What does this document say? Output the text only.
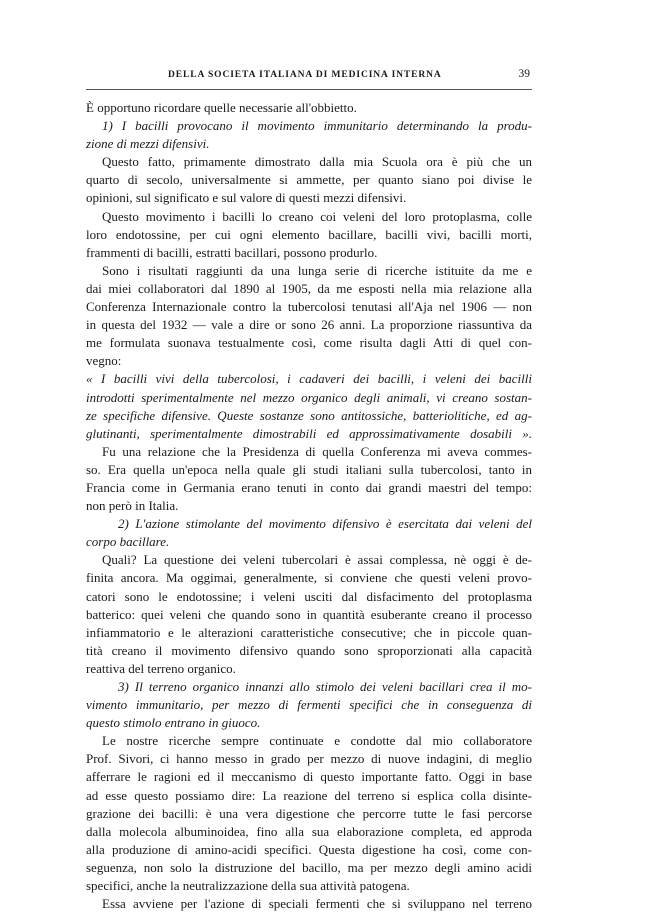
DELLA SOCIETA ITALIANA DI MEDICINA INTERNA	39
È opportuno ricordare quelle necessarie all'obbietto.
1) I bacilli provocano il movimento immunitario determinando la produ-
zione di mezzi difensivi.
Questo fatto, primamente dimostrato dalla mia Scuola ora è più che un
quarto di secolo, universalmente si ammette, per quanto siano poi divise le
opinioni, sul significato e sul valore di questi mezzi difensivi.
Questo movimento i bacilli lo creano coi veleni del loro protoplasma, colle
loro endotossine, per cui ogni elemento bacillare, bacilli vivi, bacilli morti,
frammenti di bacilli, estratti bacillari, possono produrlo.
Sono i risultati raggiunti da una lunga serie di ricerche istituite da me e
dai miei collaboratori dal 1890 al 1905, da me esposti nella mia relazione alla
Conferenza Internazionale contro la tubercolosi tenutasi all'Aja nel 1906 — non
in questa del 1932 — vale a dire or sono 26 anni. La proporzione riassuntiva da
me formulata suonava testualmente così, come risulta dagli Atti di quel con-
vegno:
« I bacilli vivi della tubercolosi, i cadaveri dei bacilli, i veleni dei bacilli
introdotti sperimentalmente nel mezzo organico degli animali, vi creano sostan-
ze specifiche difensive. Queste sostanze sono antitossiche, batteriolitiche, ed ag-
glutinanti, sperimentalmente dimostrabili ed approssimativamente dosabili ».
Fu una relazione che la Presidenza di quella Conferenza mi aveva commes-
so. Era quella un'epoca nella quale gli studi italiani sulla tubercolosi, tanto in
Francia come in Germania erano tenuti in conto dai grandi maestri del tempo:
non però in Italia.
2) L'azione stimolante del movimento difensivo è esercitata dai veleni del
corpo bacillare.
Quali? La questione dei veleni tubercolari è assai complessa, nè oggi è de-
finita ancora. Ma oggimai, generalmente, si conviene che questi veleni provo-
catori sono le endotossine; i veleni usciti dal disfacimento del protoplasma
batterico: quei veleni che quando sono in quantità esuberante creano il processo
infiammatorio e le alterazioni caratteristiche consecutive; che in piccole quan-
tità creano il movimento difensivo quando sono sproporzionati alla capacità
reattiva del terreno organico.
3) Il terreno organico innanzi allo stimolo dei veleni bacillari crea il mo-
vimento immunitario, per mezzo di fermenti specifici che in conseguenza di
questo stimolo entrano in giuoco.
Le nostre ricerche sempre continuate e condotte dal mio collaboratore
Prof. Sivori, ci hanno messo in grado per mezzo di nuove indagini, di meglio
afferrare le ragioni ed il meccanismo di questo importante fatto. Oggi in base
ad esse questo possiamo dire: La reazione del terreno si esplica colla disinte-
grazione dei bacilli: è una vera digestione che percorre tutte le fasi percorse
dalla molecola albuminoidea, fino alla sua elaborazione completa, ed approda
alla produzione di amino-acidi specifici. Questa digestione ha così, come con-
seguenza, non solo la distruzione del bacillo, ma per mezzo degli amino acidi
specifici, anche la neutralizzazione della sua attività patogena.
Essa avviene per l'azione di speciali fermenti che si sviluppano nel terreno
